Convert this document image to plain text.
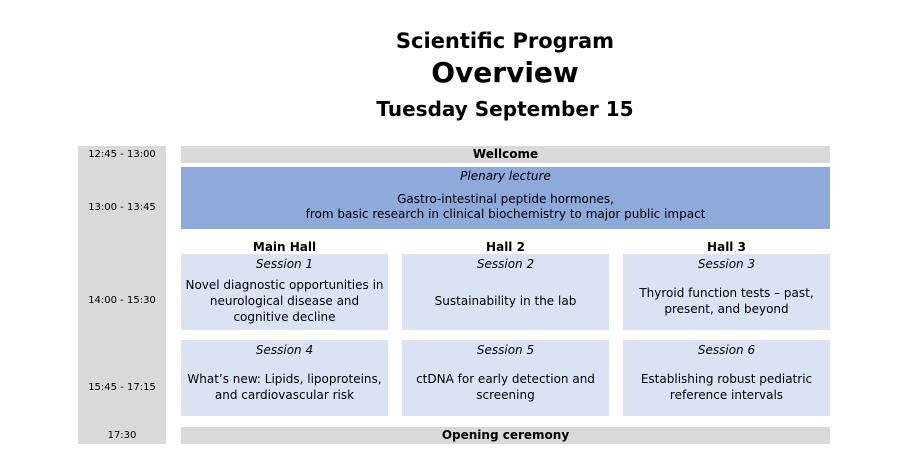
Scientific Program
Overview
Tuesday September 15
12:45 - 13:00
13:00 - 13:45
14:00 - 15:30
15:45 - 17:15
17:30
Wellcome
Plenary lecture
Gastro-intestinal peptide hormones,
from basic research in clinical biochemistry to major public impact
Main Hall	Hall 2	Hall 3
Session 1
Novel diagnostic opportunities in
neurological disease and
cognitive decline
Session 2
Sustainability in the lab
Session 3
Thyroid function tests – past,
present, and beyond
Session 4
What’s new: Lipids, lipoproteins,
and cardiovascular risk
Session 5
ctDNA for early detection and
screening
Session 6
Establishing robust pediatric
reference intervals
Opening ceremony
